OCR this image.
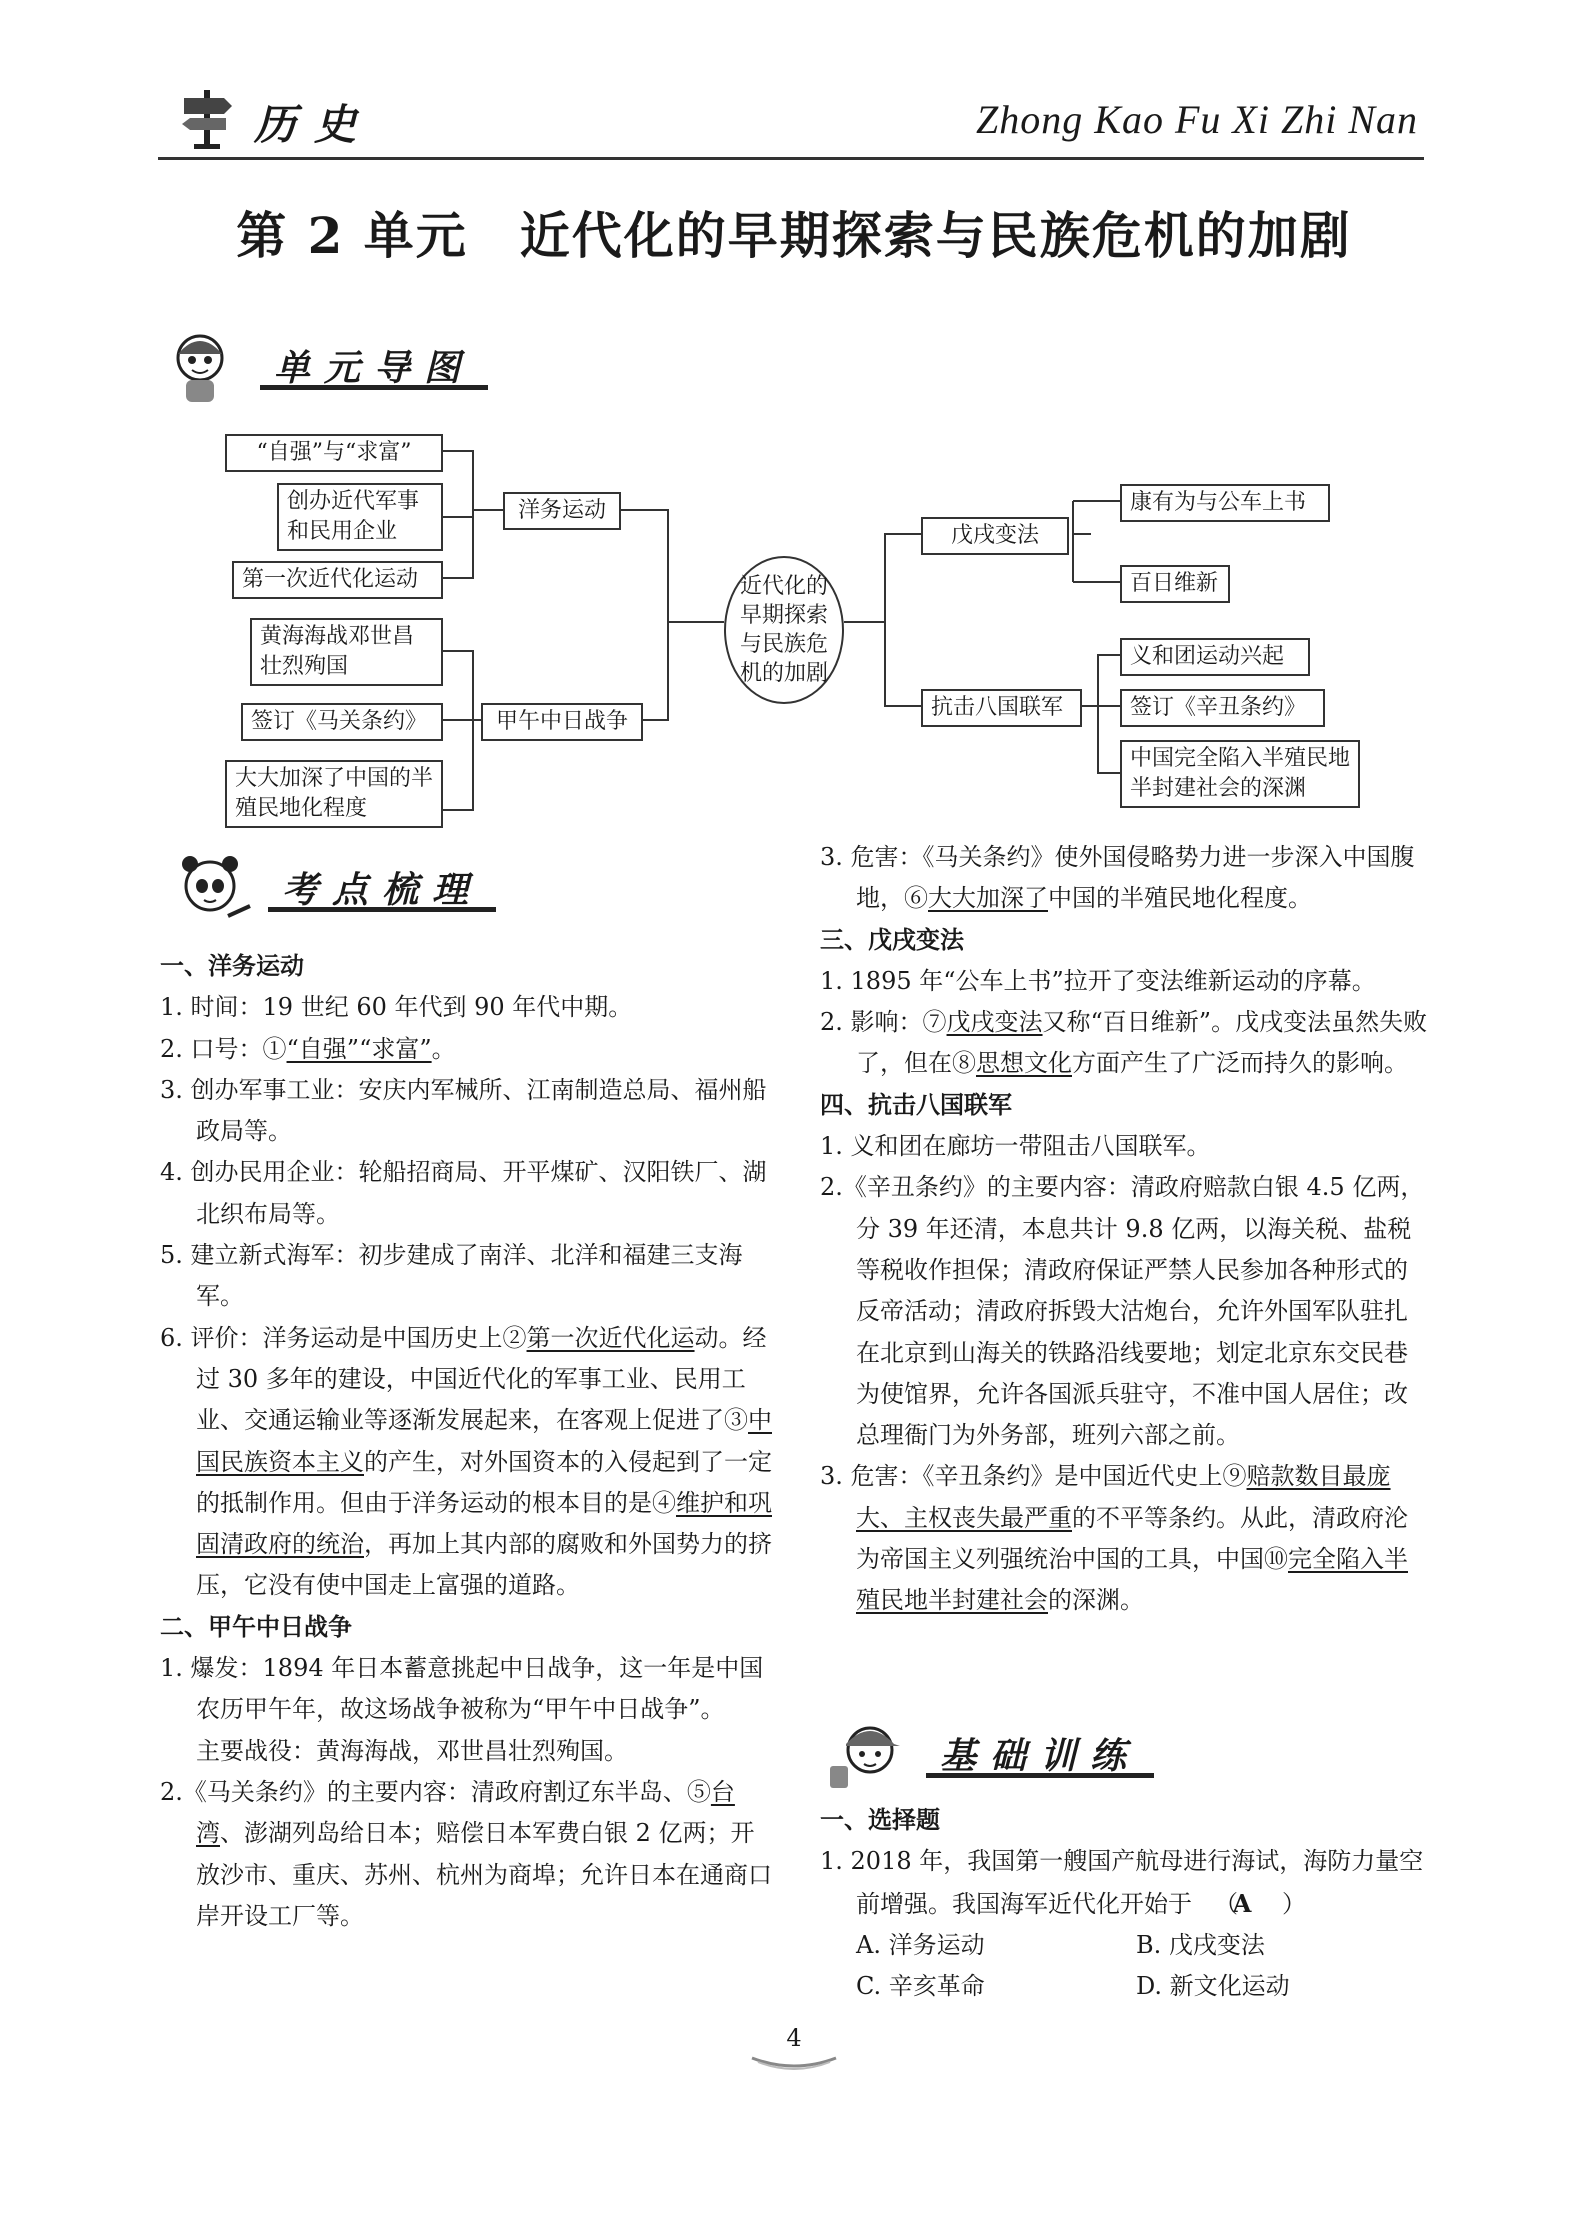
历史	Zhong Kao Fu Xi Zhi Nan
第 2 单元　近代化的早期探索与民族危机的加剧
单元导图
“自强”与“求富”
创办近代军事和民用企业
第一次近代化运动
洋务运动
黄海海战邓世昌壮烈殉国
签订《马关条约》
大大加深了中国的半殖民地化程度
甲午中日战争
近代化的早期探索与民族危机的加剧
戊戌变法
康有为与公车上书
百日维新
抗击八国联军
义和团运动兴起
签订《辛丑条约》
中国完全陷入半殖民地半封建社会的深渊
考点梳理

一、洋务运动

1. 时间：19 世纪 60 年代到 90 年代中期。

2. 口号：①“自强”“求富”。

3. 创办军事工业：安庆内军械所、江南制造总局、福州船政局等。

4. 创办民用企业：轮船招商局、开平煤矿、汉阳铁厂、湖北织布局等。

5. 建立新式海军：初步建成了南洋、北洋和福建三支海军。

6. 评价：洋务运动是中国历史上②第一次近代化运动。经过 30 多年的建设，中国近代化的军事工业、民用工业、交通运输业等逐渐发展起来，在客观上促进了③中国民族资本主义的产生，对外国资本的入侵起到了一定的抵制作用。但由于洋务运动的根本目的是④维护和巩固清政府的统治，再加上其内部的腐败和外国势力的挤压，它没有使中国走上富强的道路。

二、甲午中日战争

1. 爆发：1894 年日本蓄意挑起中日战争，这一年是中国农历甲午年，故这场战争被称为“甲午中日战争”。

主要战役：黄海海战，邓世昌壮烈殉国。

2.《马关条约》的主要内容：清政府割辽东半岛、⑤台湾、澎湖列岛给日本；赔偿日本军费白银 2 亿两；开放沙市、重庆、苏州、杭州为商埠；允许日本在通商口岸开设工厂等。

3. 危害：《马关条约》使外国侵略势力进一步深入中国腹地，⑥大大加深了中国的半殖民地化程度。

三、戊戌变法

1. 1895 年“公车上书”拉开了变法维新运动的序幕。

2. 影响：⑦戊戌变法又称“百日维新”。戊戌变法虽然失败了，但在⑧思想文化方面产生了广泛而持久的影响。

四、抗击八国联军

1. 义和团在廊坊一带阻击八国联军。

2.《辛丑条约》的主要内容：清政府赔款白银 4.5 亿两，分 39 年还清，本息共计 9.8 亿两，以海关税、盐税等税收作担保；清政府保证严禁人民参加各种形式的反帝活动；清政府拆毁大沽炮台，允许外国军队驻扎在北京到山海关的铁路沿线要地；划定北京东交民巷为使馆界，允许各国派兵驻守，不准中国人居住；改总理衙门为外务部，班列六部之前。

3. 危害：《辛丑条约》是中国近代史上⑨赔款数目最庞大、主权丧失最严重的不平等条约。从此，清政府沦为帝国主义列强统治中国的工具，中国⑩完全陷入半殖民地半封建社会的深渊。

基础训练

一、选择题

1. 2018 年，我国第一艘国产航母进行海试，海防力量空前增强。我国海军近代化开始于 （A ）

A. 洋务运动	B. 戊戌变法
C. 辛亥革命	D. 新文化运动
4
